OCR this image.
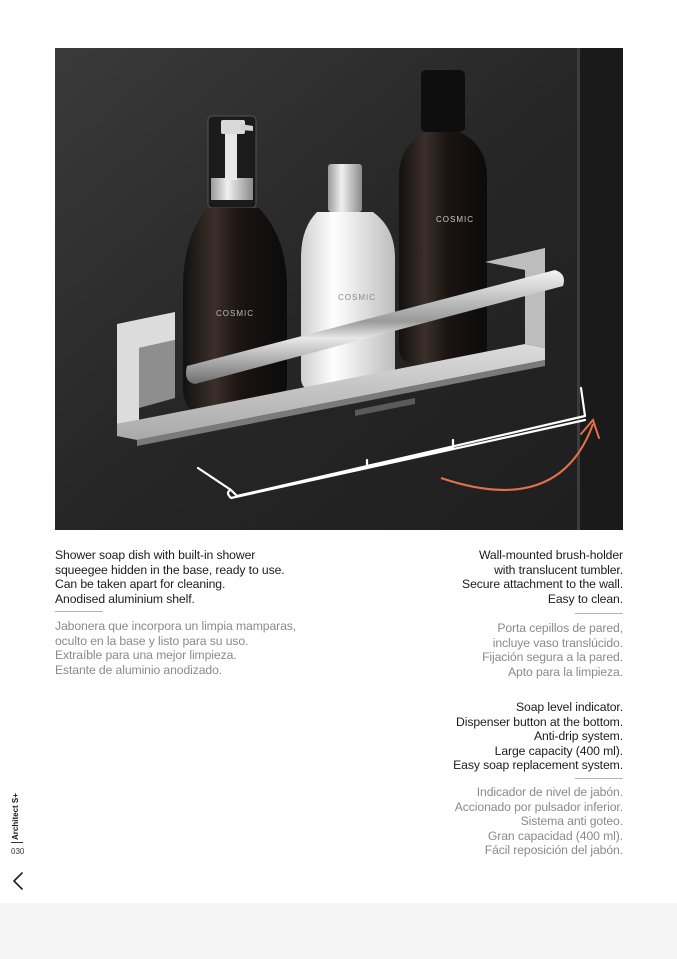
COSMIC
COSMIC
COSMIC
Shower soap dish with built-in shower
squeegee hidden in the base, ready to use.
Can be taken apart for cleaning.
Anodised aluminium shelf.
Jabonera que incorpora un limpia mamparas,
oculto en la base y listo para su uso.
Extraíble para una mejor limpieza.
Estante de aluminio anodizado.
Wall-mounted brush-holder
with translucent tumbler.
Secure attachment to the wall.
Easy to clean.
Porta cepillos de pared,
incluye vaso translúcido.
Fijación segura a la pared.
Apto para la limpieza.
Soap level indicator.
Dispenser button at the bottom.
Anti-drip system.
Large capacity (400 ml).
Easy soap replacement system.
Indicador de nivel de jabón.
Accionado por pulsador inferior.
Sistema anti goteo.
Gran capacidad (400 ml).
Fácil reposición del jabón.
Architect S+
030
